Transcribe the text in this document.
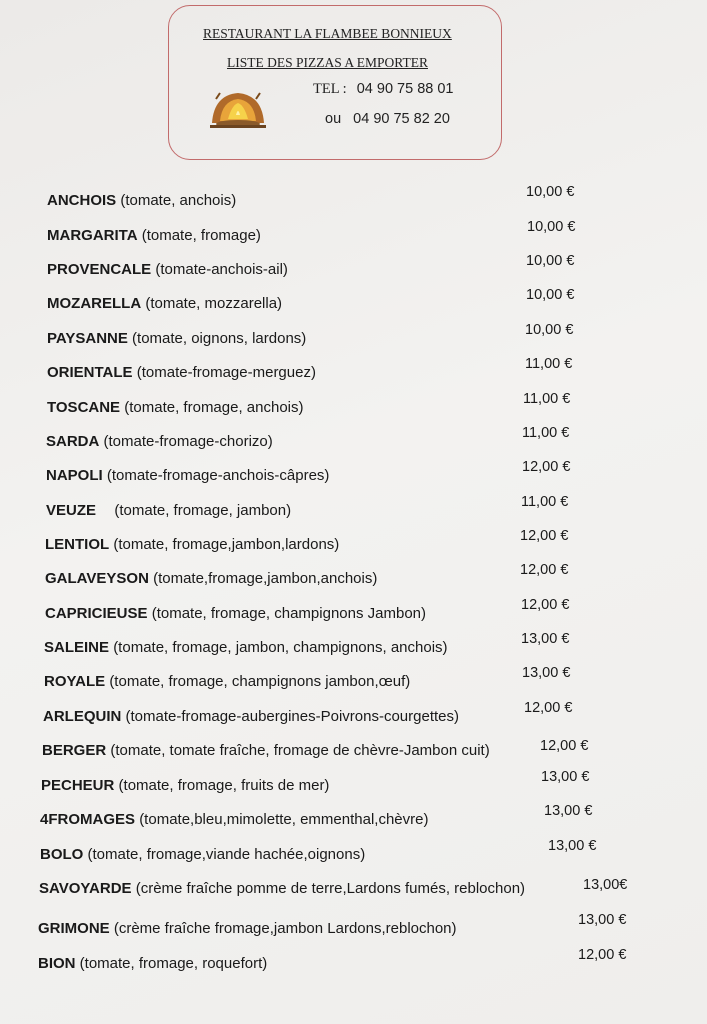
RESTAURANT LA FLAMBEE BONNIEUX
LISTE DES PIZZAS A EMPORTER
TEL : 04 90 75 88 01
ou 04 90 75 82 20
ANCHOIS (tomate, anchois)	10,00 €
MARGARITA (tomate, fromage)	10,00 €
PROVENCALE (tomate-anchois-ail)	10,00 €
MOZARELLA (tomate, mozzarella)	10,00 €
PAYSANNE (tomate, oignons, lardons)	10,00 €
ORIENTALE (tomate-fromage-merguez)	11,00 €
TOSCANE (tomate, fromage, anchois)	11,00 €
SARDA (tomate-fromage-chorizo)	11,00 €
NAPOLI (tomate-fromage-anchois-câpres)	12,00 €
VEUZE (tomate, fromage, jambon)	11,00 €
LENTIOL (tomate, fromage,jambon,lardons)	12,00 €
GALAVEYSON (tomate,fromage,jambon,anchois)	12,00 €
CAPRICIEUSE (tomate, fromage, champignons Jambon)	12,00 €
SALEINE (tomate, fromage, jambon, champignons, anchois)	13,00 €
ROYALE (tomate, fromage, champignons jambon,œuf)	13,00 €
ARLEQUIN (tomate-fromage-aubergines-Poivrons-courgettes)	12,00 €
BERGER (tomate, tomate fraîche, fromage de chèvre-Jambon cuit)	12,00 €
PECHEUR (tomate, fromage, fruits de mer)	13,00 €
4FROMAGES (tomate,bleu,mimolette, emmenthal,chèvre)	13,00 €
BOLO (tomate, fromage,viande hachée,oignons)	13,00 €
SAVOYARDE (crème fraîche pomme de terre,Lardons fumés, reblochon)	13,00€
GRIMONE (crème fraîche fromage,jambon Lardons,reblochon)	13,00 €
BION (tomate, fromage, roquefort)	12,00 €
